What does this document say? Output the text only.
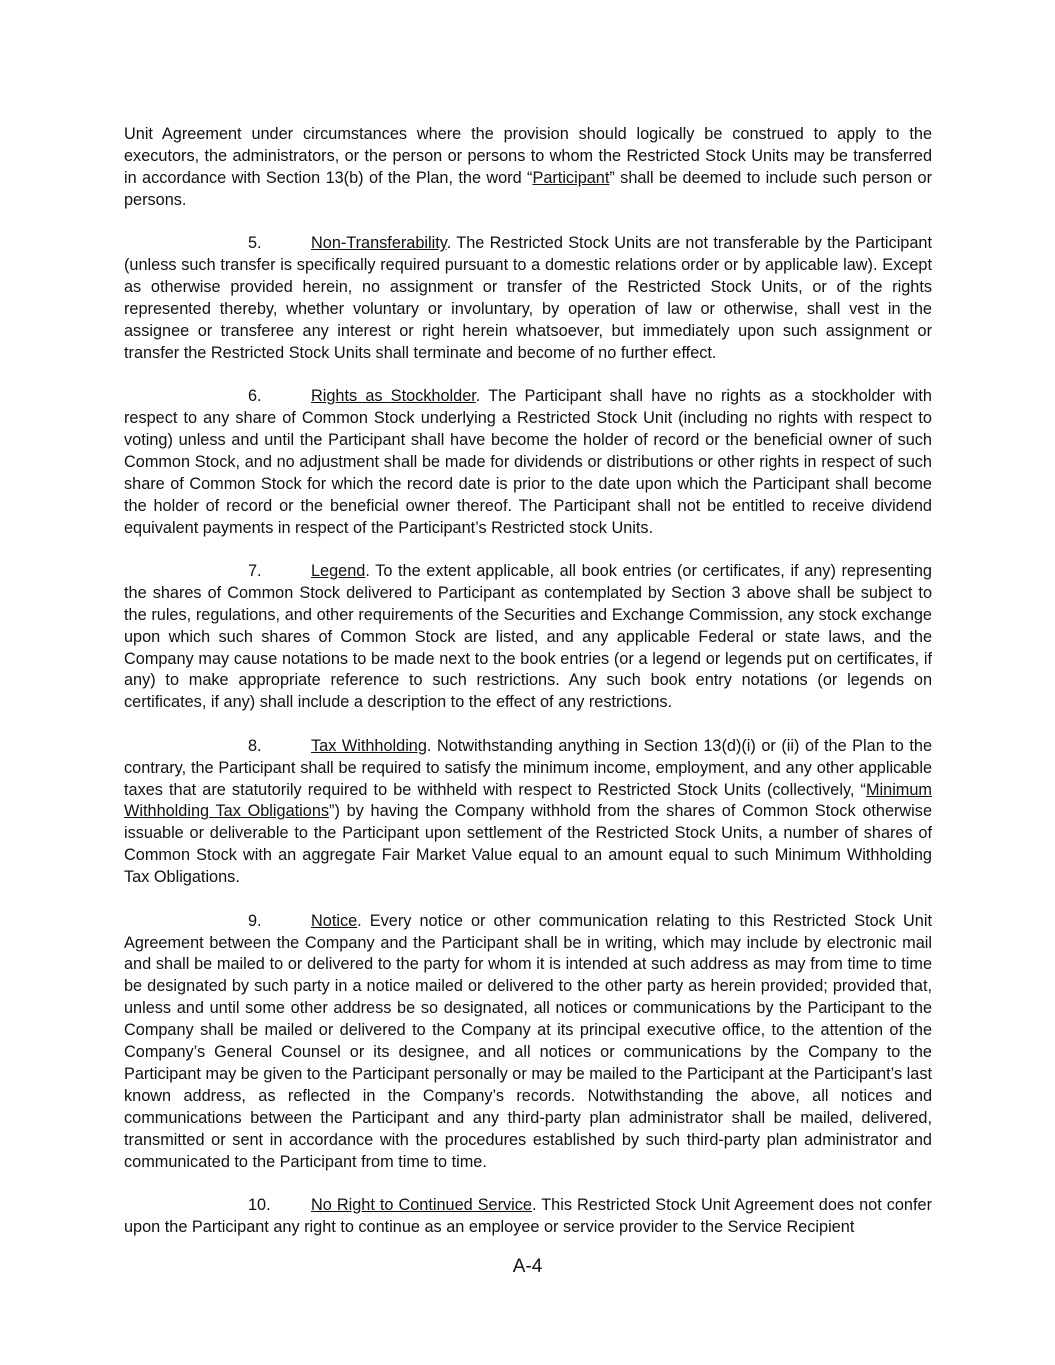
Unit Agreement under circumstances where the provision should logically be construed to apply to the executors, the administrators, or the person or persons to whom the Restricted Stock Units may be transferred in accordance with Section 13(b) of the Plan, the word “Participant” shall be deemed to include such person or persons.

5.	Non-Transferability. The Restricted Stock Units are not transferable by the Participant (unless such transfer is specifically required pursuant to a domestic relations order or by applicable law). Except as otherwise provided herein, no assignment or transfer of the Restricted Stock Units, or of the rights represented thereby, whether voluntary or involuntary, by operation of law or otherwise, shall vest in the assignee or transferee any interest or right herein whatsoever, but immediately upon such assignment or transfer the Restricted Stock Units shall terminate and become of no further effect.

6.	Rights as Stockholder. The Participant shall have no rights as a stockholder with respect to any share of Common Stock underlying a Restricted Stock Unit (including no rights with respect to voting) unless and until the Participant shall have become the holder of record or the beneficial owner of such Common Stock, and no adjustment shall be made for dividends or distributions or other rights in respect of such share of Common Stock for which the record date is prior to the date upon which the Participant shall become the holder of record or the beneficial owner thereof. The Participant shall not be entitled to receive dividend equivalent payments in respect of the Participant’s Restricted stock Units.

7.	Legend. To the extent applicable, all book entries (or certificates, if any) representing the shares of Common Stock delivered to Participant as contemplated by Section 3 above shall be subject to the rules, regulations, and other requirements of the Securities and Exchange Commission, any stock exchange upon which such shares of Common Stock are listed, and any applicable Federal or state laws, and the Company may cause notations to be made next to the book entries (or a legend or legends put on certificates, if any) to make appropriate reference to such restrictions. Any such book entry notations (or legends on certificates, if any) shall include a description to the effect of any restrictions.

8.	Tax Withholding. Notwithstanding anything in Section 13(d)(i) or (ii) of the Plan to the contrary, the Participant shall be required to satisfy the minimum income, employment, and any other applicable taxes that are statutorily required to be withheld with respect to Restricted Stock Units (collectively, “Minimum Withholding Tax Obligations”) by having the Company withhold from the shares of Common Stock otherwise issuable or deliverable to the Participant upon settlement of the Restricted Stock Units, a number of shares of Common Stock with an aggregate Fair Market Value equal to an amount equal to such Minimum Withholding Tax Obligations.

9.	Notice. Every notice or other communication relating to this Restricted Stock Unit Agreement between the Company and the Participant shall be in writing, which may include by electronic mail and shall be mailed to or delivered to the party for whom it is intended at such address as may from time to time be designated by such party in a notice mailed or delivered to the other party as herein provided; provided that, unless and until some other address be so designated, all notices or communications by the Participant to the Company shall be mailed or delivered to the Company at its principal executive office, to the attention of the Company’s General Counsel or its designee, and all notices or communications by the Company to the Participant may be given to the Participant personally or may be mailed to the Participant at the Participant’s last known address, as reflected in the Company’s records. Notwithstanding the above, all notices and communications between the Participant and any third-party plan administrator shall be mailed, delivered, transmitted or sent in accordance with the procedures established by such third-party plan administrator and communicated to the Participant from time to time.

10. No Right to Continued Service. This Restricted Stock Unit Agreement does not confer upon the Participant any right to continue as an employee or service provider to the Service Recipient

A-4
